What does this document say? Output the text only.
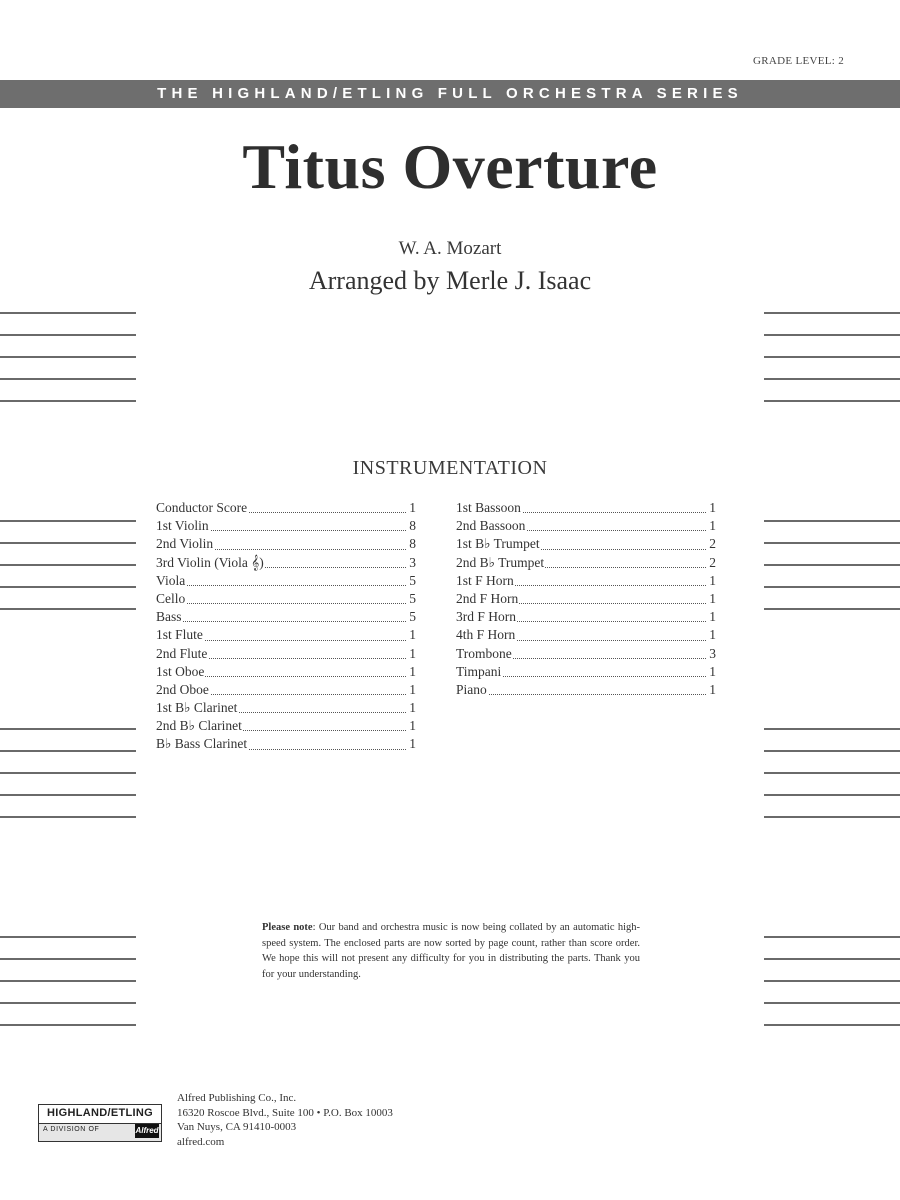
GRADE LEVEL: 2
THE HIGHLAND/ETLING FULL ORCHESTRA SERIES
Titus Overture
W. A. Mozart
Arranged by Merle J. Isaac
INSTRUMENTATION
Conductor Score	1
1st Violin	8
2nd Violin	8
3rd Violin (Viola 𝄞)	3
Viola	5
Cello	5
Bass	5
1st Flute	1
2nd Flute	1
1st Oboe	1
2nd Oboe	1
1st B♭ Clarinet	1
2nd B♭ Clarinet	1
B♭ Bass Clarinet	1
1st Bassoon	1
2nd Bassoon	1
1st B♭ Trumpet	2
2nd B♭ Trumpet	2
1st F Horn	1
2nd F Horn	1
3rd F Horn	1
4th F Horn	1
Trombone	3
Timpani	1
Piano	1
Please note: Our band and orchestra music is now being collated by an automatic high-speed system. The enclosed parts are now sorted by page count, rather than score order. We hope this will not present any difficulty for you in distributing the parts. Thank you for your understanding.
HIGHLAND/ETLING
A DIVISION OF	Alfred
Alfred Publishing Co., Inc.
16320 Roscoe Blvd., Suite 100 • P.O. Box 10003
Van Nuys, CA 91410-0003
alfred.com
